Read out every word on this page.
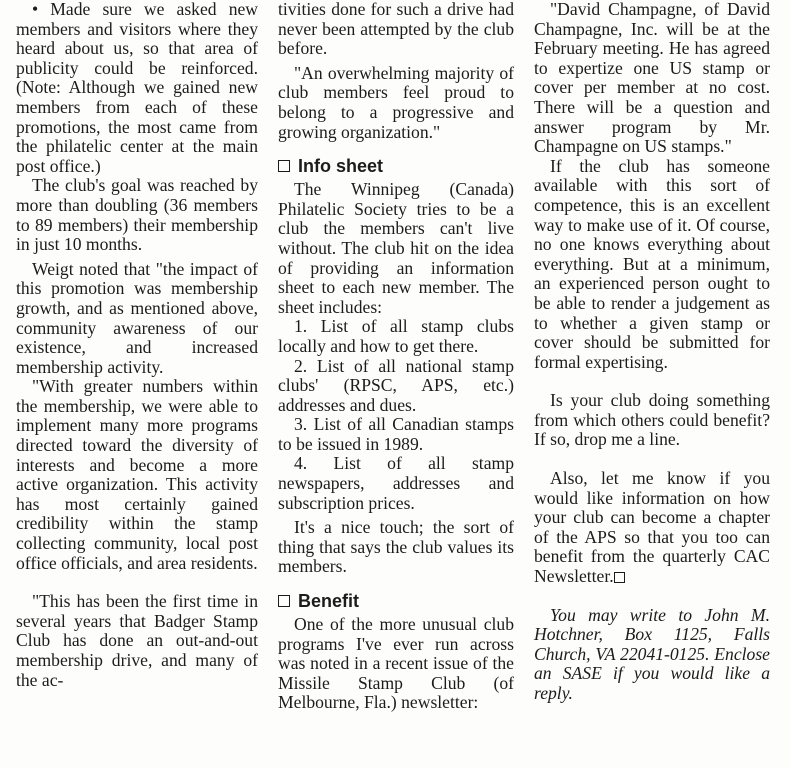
• Made sure we asked new members and visitors where they heard about us, so that area of publicity could be reinforced. (Note: Although we gained new members from each of these promotions, the most came from the philatelic center at the main post office.)

The club's goal was reached by more than doubling (36 members to 89 members) their membership in just 10 months.

Weigt noted that "the impact of this promotion was membership growth, and as mentioned above, community awareness of our existence, and increased membership activity.

"With greater numbers within the membership, we were able to implement many more programs directed toward the diversity of interests and become a more active organization. This activity has most certainly gained credibility within the stamp collecting community, local post office officials, and area residents.

"This has been the first time in several years that Badger Stamp Club has done an out-and-out membership drive, and many of the ac-

tivities done for such a drive had never been attempted by the club before.

"An overwhelming majority of club members feel proud to belong to a progressive and growing organization."

Info sheet

The Winnipeg (Canada) Philatelic Society tries to be a club the members can't live without. The club hit on the idea of providing an information sheet to each new member. The sheet includes:

1. List of all stamp clubs locally and how to get there.

2. List of all national stamp clubs' (RPSC, APS, etc.) addresses and dues.

3. List of all Canadian stamps to be issued in 1989.

4. List of all stamp newspapers, addresses and subscription prices.

It's a nice touch; the sort of thing that says the club values its members.

Benefit

One of the more unusual club programs I've ever run across was noted in a recent issue of the Missile Stamp Club (of Melbourne, Fla.) newsletter:

"David Champagne, of David Champagne, Inc. will be at the February meeting. He has agreed to expertize one US stamp or cover per member at no cost. There will be a question and answer program by Mr. Champagne on US stamps."

If the club has someone available with this sort of competence, this is an excellent way to make use of it. Of course, no one knows everything about everything. But at a minimum, an experienced person ought to be able to render a judgement as to whether a given stamp or cover should be submitted for formal expertising.

Is your club doing something from which others could benefit? If so, drop me a line.

Also, let me know if you would like information on how your club can become a chapter of the APS so that you too can benefit from the quarterly CAC Newsletter.

You may write to John M. Hotchner, Box 1125, Falls Church, VA 22041-0125. Enclose an SASE if you would like a reply.
